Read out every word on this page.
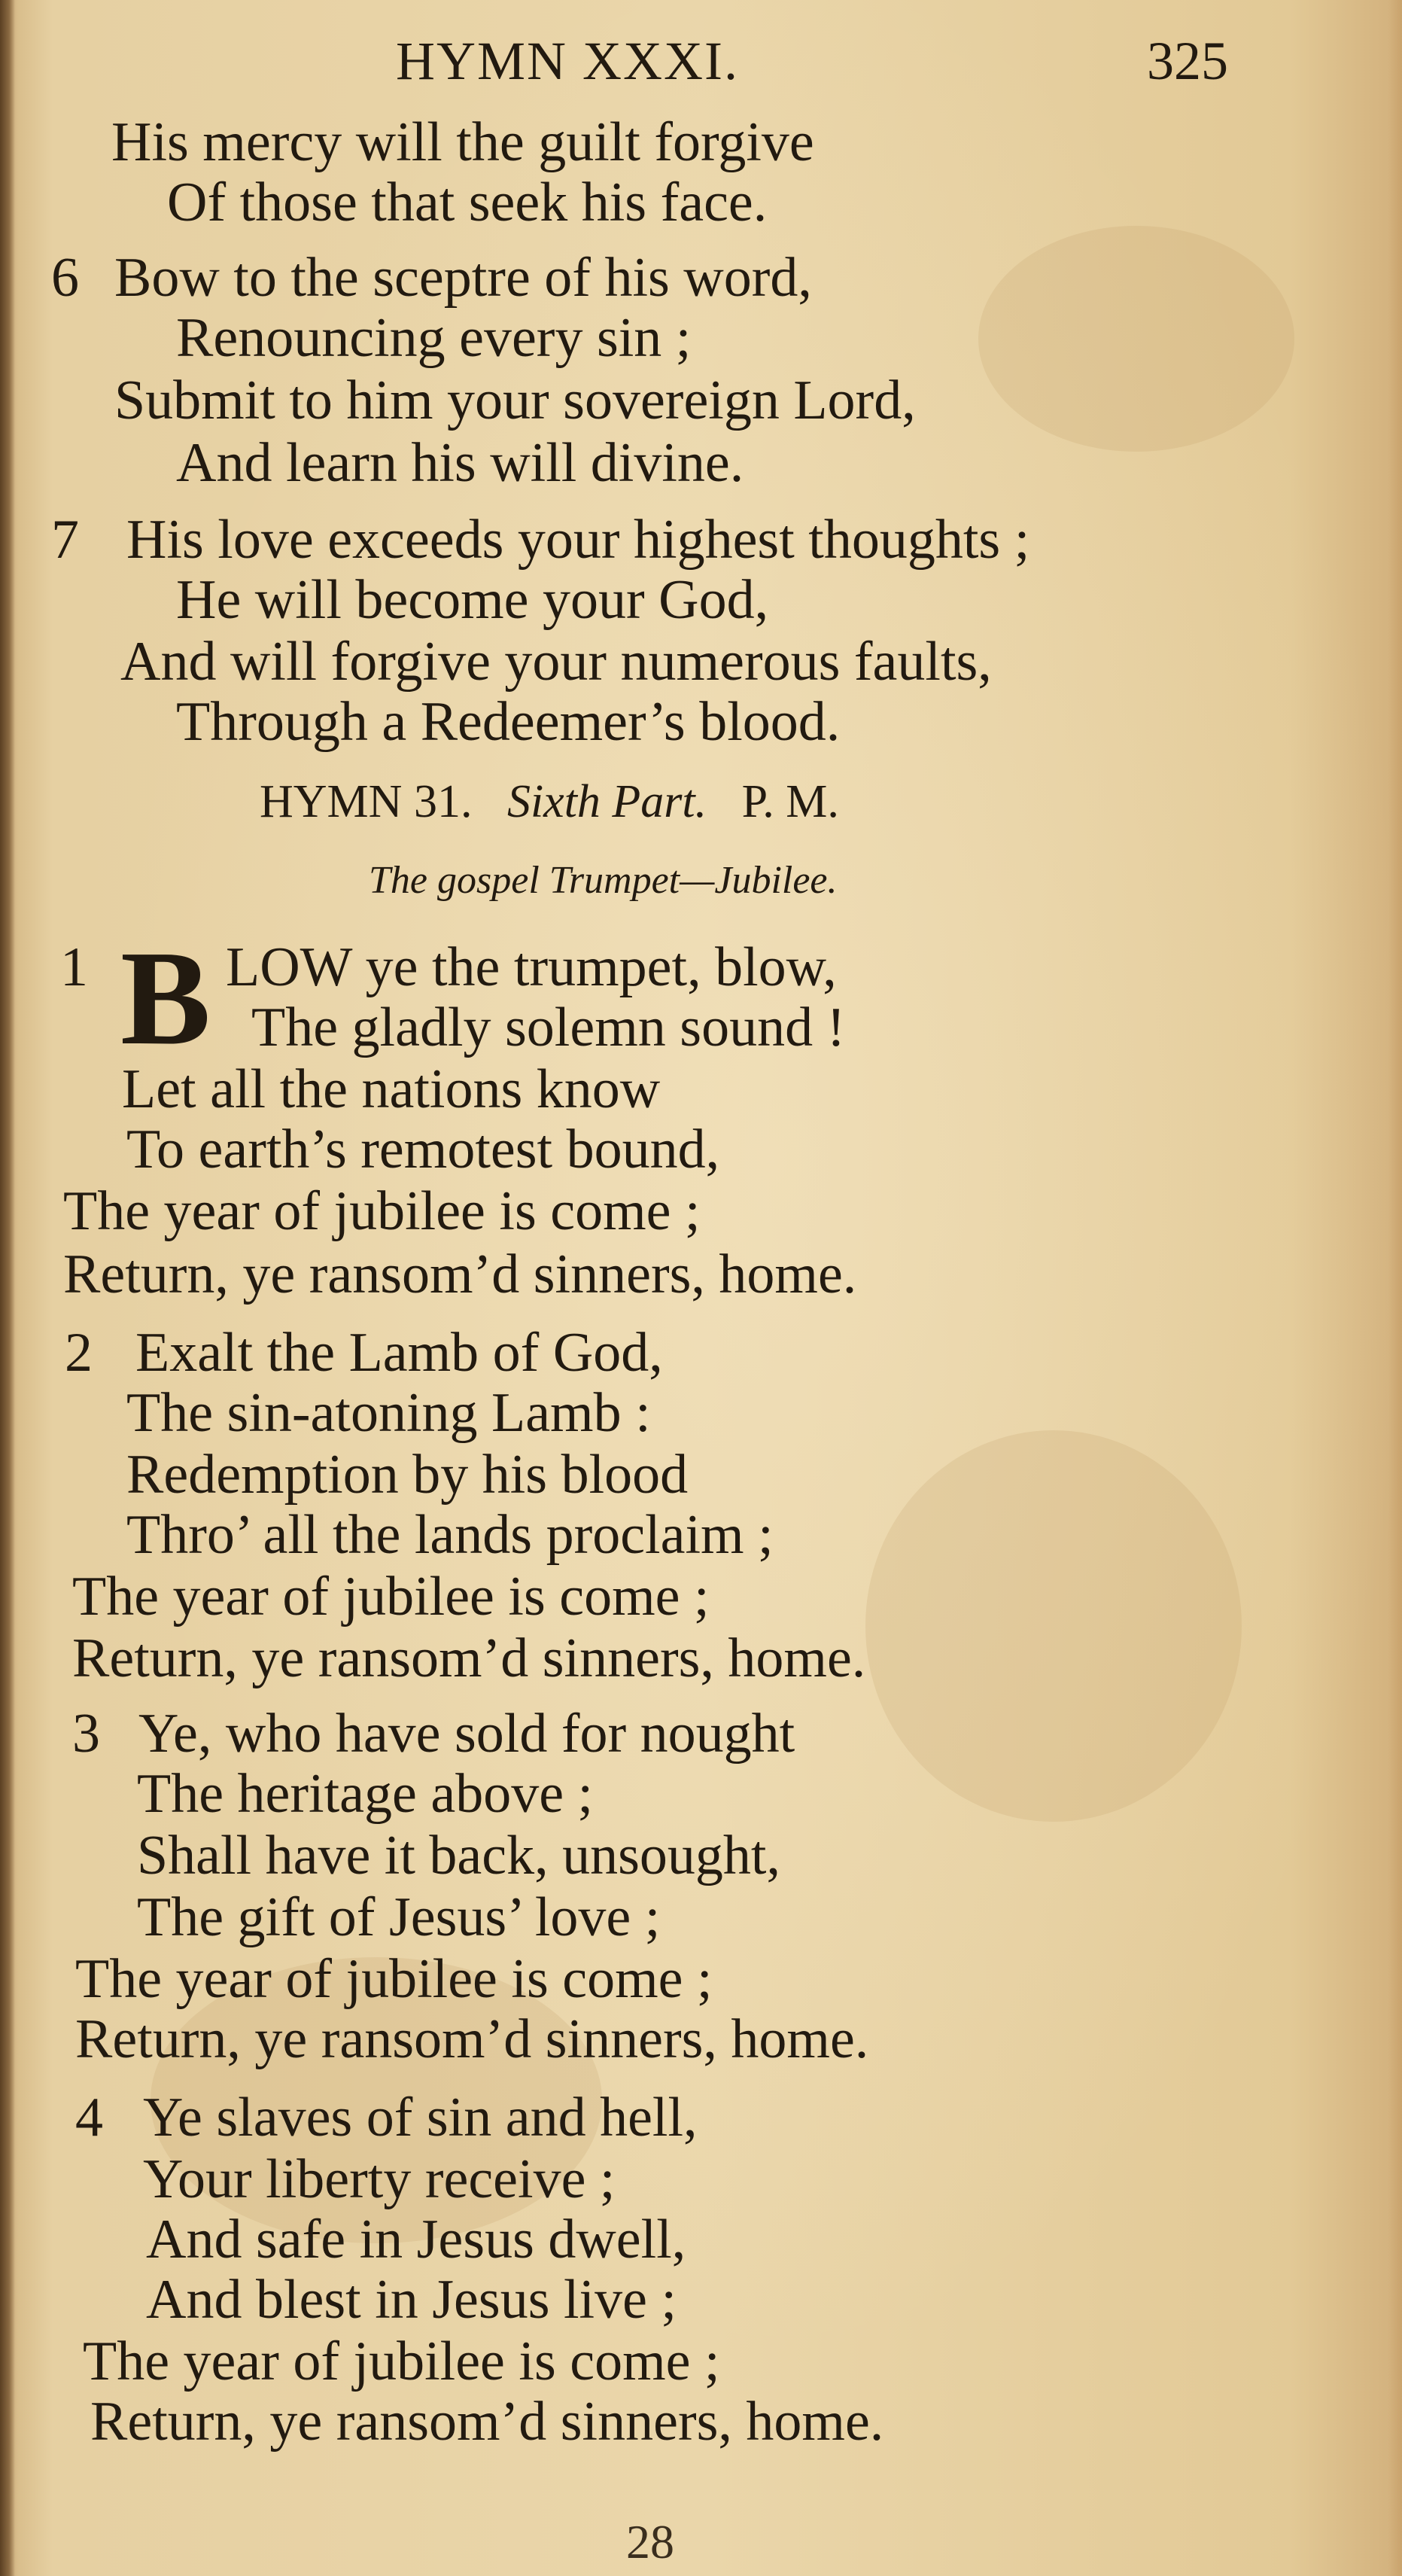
HYMN XXXI.	325
His mercy will the guilt forgive
Of those that seek his face.
6 Bow to the sceptre of his word,
Renouncing every sin ;
Submit to him your sovereign Lord,
And learn his will divine.
7 His love exceeds your highest thoughts ;
He will become your God,
And will forgive your numerous faults,
Through a Redeemer’s blood.
HYMN 31. Sixth Part. P. M.
The gospel Trumpet—Jubilee.
1 B LOW ye the trumpet, blow,
The gladly solemn sound !
Let all the nations know
To earth’s remotest bound,
The year of jubilee is come ;
Return, ye ransom’d sinners, home.
2 Exalt the Lamb of God,
The sin-atoning Lamb :
Redemption by his blood
Thro’ all the lands proclaim ;
The year of jubilee is come ;
Return, ye ransom’d sinners, home.
3 Ye, who have sold for nought
The heritage above ;
Shall have it back, unsought,
The gift of Jesus’ love ;
The year of jubilee is come ;
Return, ye ransom’d sinners, home.
4 Ye slaves of sin and hell,
Your liberty receive ;
And safe in Jesus dwell,
And blest in Jesus live ;
The year of jubilee is come ;
Return, ye ransom’d sinners, home.
28
